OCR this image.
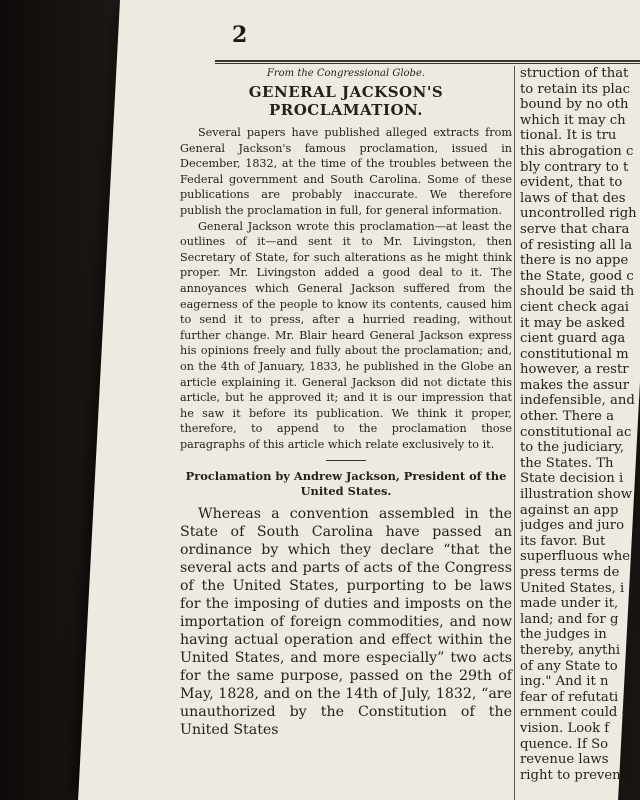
2
From the Congressional Globe.
GENERAL JACKSON'S PROCLAMATION.

Several papers have published alleged extracts from General Jackson's famous proclamation, issued in December, 1832, at the time of the troubles between the Federal government and South Carolina. Some of these publications are probably inaccurate. We therefore publish the proclamation in full, for general information.

General Jackson wrote this proclamation—at least the outlines of it—and sent it to Mr. Livingston, then Secretary of State, for such alterations as he might think proper. Mr. Livingston added a good deal to it. The annoyances which General Jackson suffered from the eagerness of the people to know its contents, caused him to send it to press, after a hurried reading, without further change. Mr. Blair heard General Jackson express his opinions freely and fully about the proclamation; and, on the 4th of January, 1833, he published in the Globe an article explaining it. General Jackson did not dictate this article, but he approved it; and it is our impression that he saw it before its publication. We think it proper, therefore, to append to the proclamation those paragraphs of this article which relate exclusively to it.

Proclamation by Andrew Jackson, President of the United States.

Whereas a convention assembled in the State of South Carolina have passed an ordinance by which they declare “that the several acts and parts of acts of the Congress of the United States, purporting to be laws for the imposing of duties and imposts on the importation of foreign commodities, and now having actual operation and effect within the United States, and more especially” two acts for the same purpose, passed on the 29th of May, 1828, and on the 14th of July, 1832, “are unauthorized by the Constitution of the United States

struction of that
to retain its plac
bound by no oth
which it may ch
tional. It is tru
this abrogation c
bly contrary to t
evident, that to
laws of that des
uncontrolled righ
serve that chara
of resisting all la
there is no appe
the State, good c
should be said th
cient check agai
it may be asked
cient guard aga
constitutional m
however, a restr
makes the assur
indefensible, and
other. There a
constitutional ac
to the judiciary,
the States. Th
State decision i
illustration show
against an app
judges and juro
its favor. But
superfluous whe
press terms de
United States, i
made under it,
land; and for g
the judges in
thereby, anythi
of any State to
ing." And it n
fear of refutati
ernment could c
vision. Look f
quence. If So
revenue laws
right to preven
